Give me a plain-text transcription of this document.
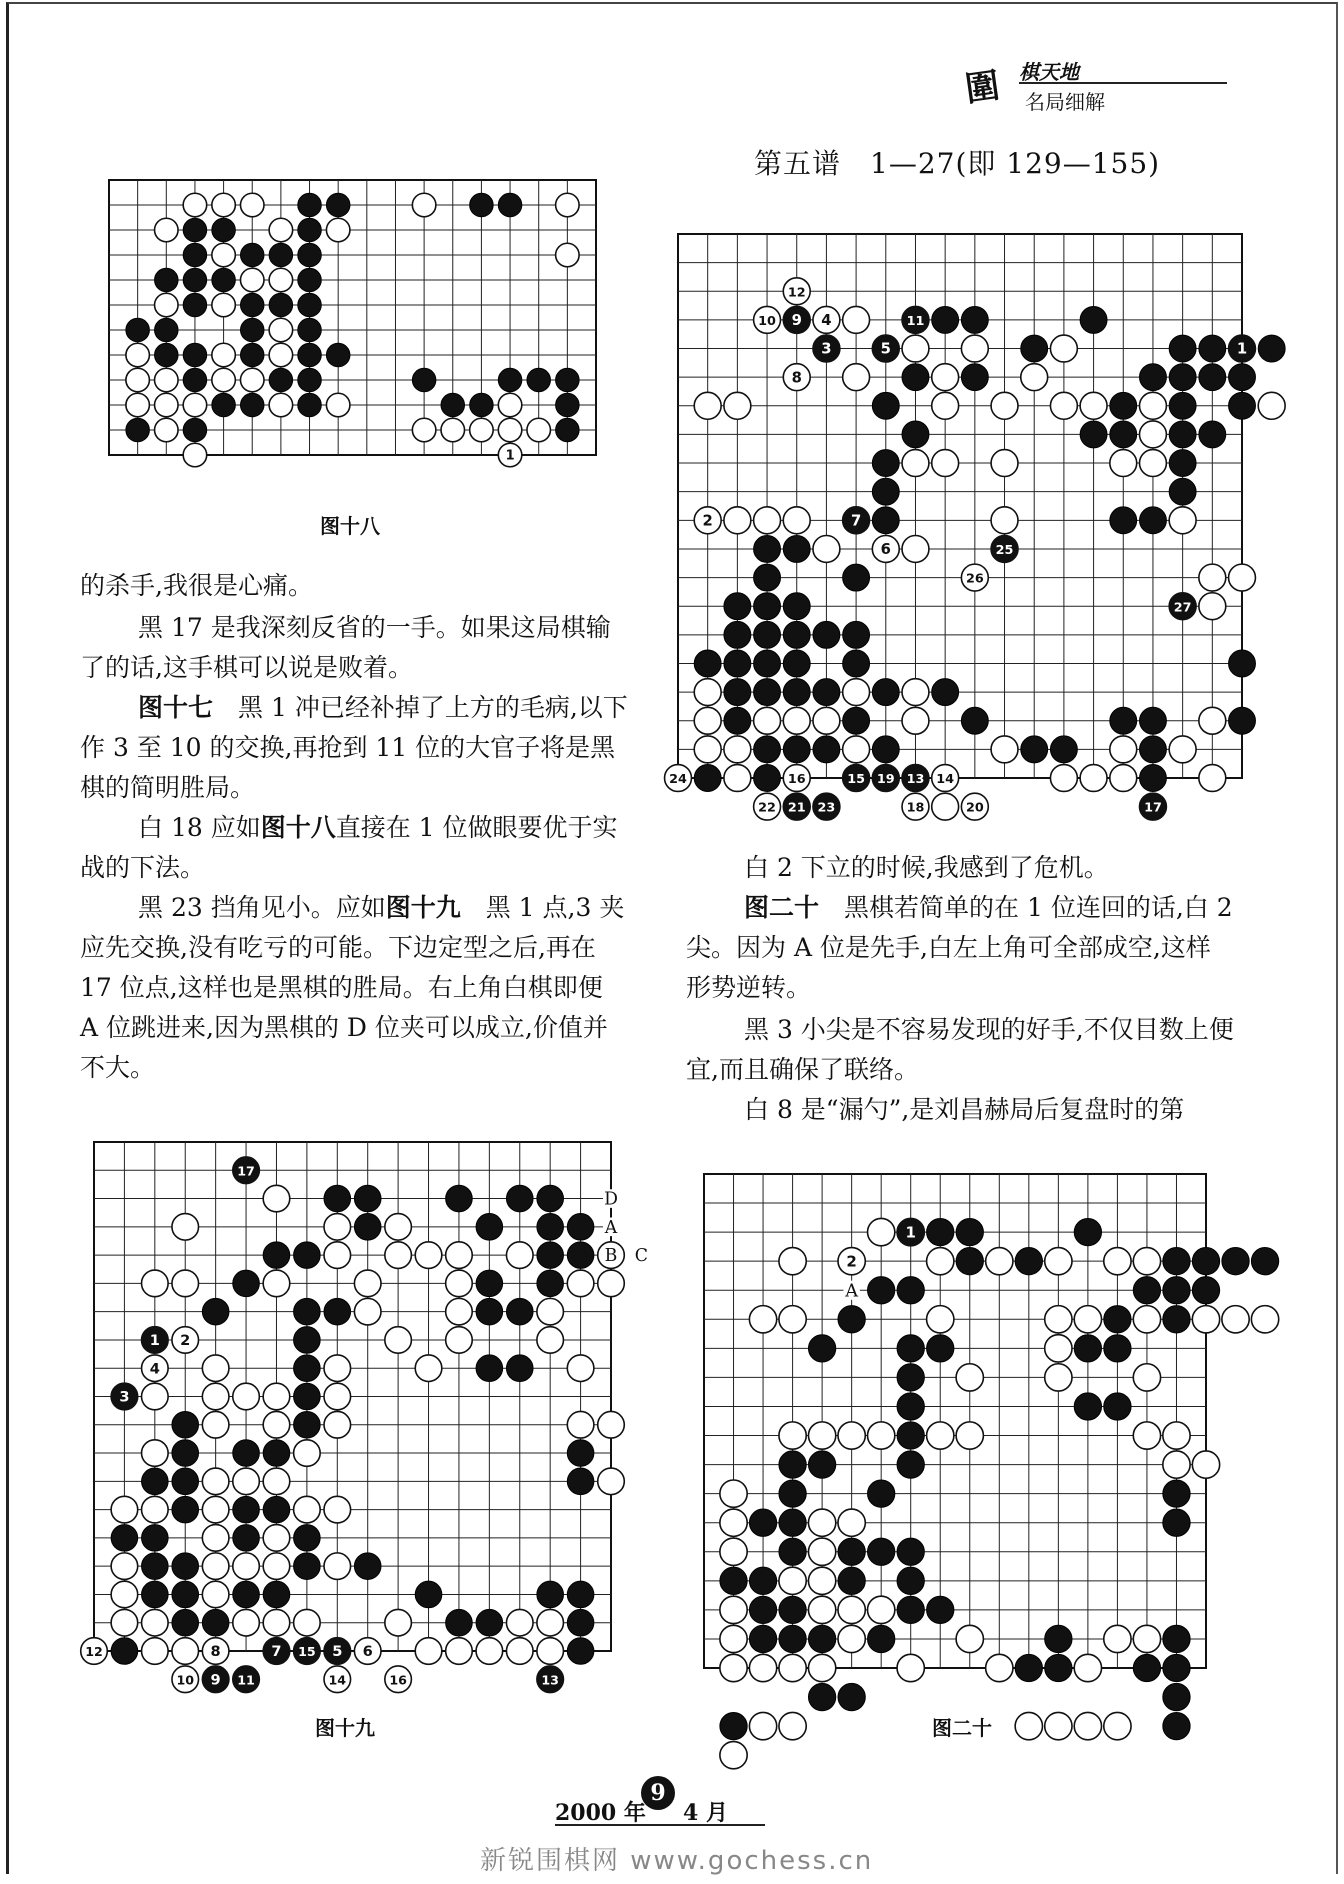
圍 棋天地
名局细解
第五谱　1—27(即 129—155)
1
图十八
12
10 9 4	11
3	5
8
1
2	7
6	25
26
27
24	16	15 19 13 14
22 21 23	18	20	17
17
1 2
4
3
12	8	7 15 5 6
10 9 11	14	16	13
D
A
B C
图十九
1
2
A
图二十

的杀手,我很是心痛。

黑 17 是我深刻反省的一手。如果这局棋输了的话,这手棋可以说是败着。

图十七　黑 1 冲已经补掉了上方的毛病,以下作 3 至 10 的交换,再抢到 11 位的大官子将是黑棋的简明胜局。

白 18 应如图十八直接在 1 位做眼要优于实战的下法。

黑 23 挡角见小。应如图十九　黑 1 点,3 夹应先交换,没有吃亏的可能。下边定型之后,再在 17 位点,这样也是黑棋的胜局。右上角白棋即便 A 位跳进来,因为黑棋的 D 位夹可以成立,价值并不大。

白 2 下立的时候,我感到了危机。

图二十　黑棋若简单的在 1 位连回的话,白 2 尖。因为 A 位是先手,白左上角可全部成空,这样形势逆转。

黑 3 小尖是不容易发现的好手,不仅目数上便宜,而且确保了联络。

白 8 是“漏勺”,是刘昌赫局后复盘时的第

2000 年
9
4 月
新锐围棋网 www.gochess.cn
